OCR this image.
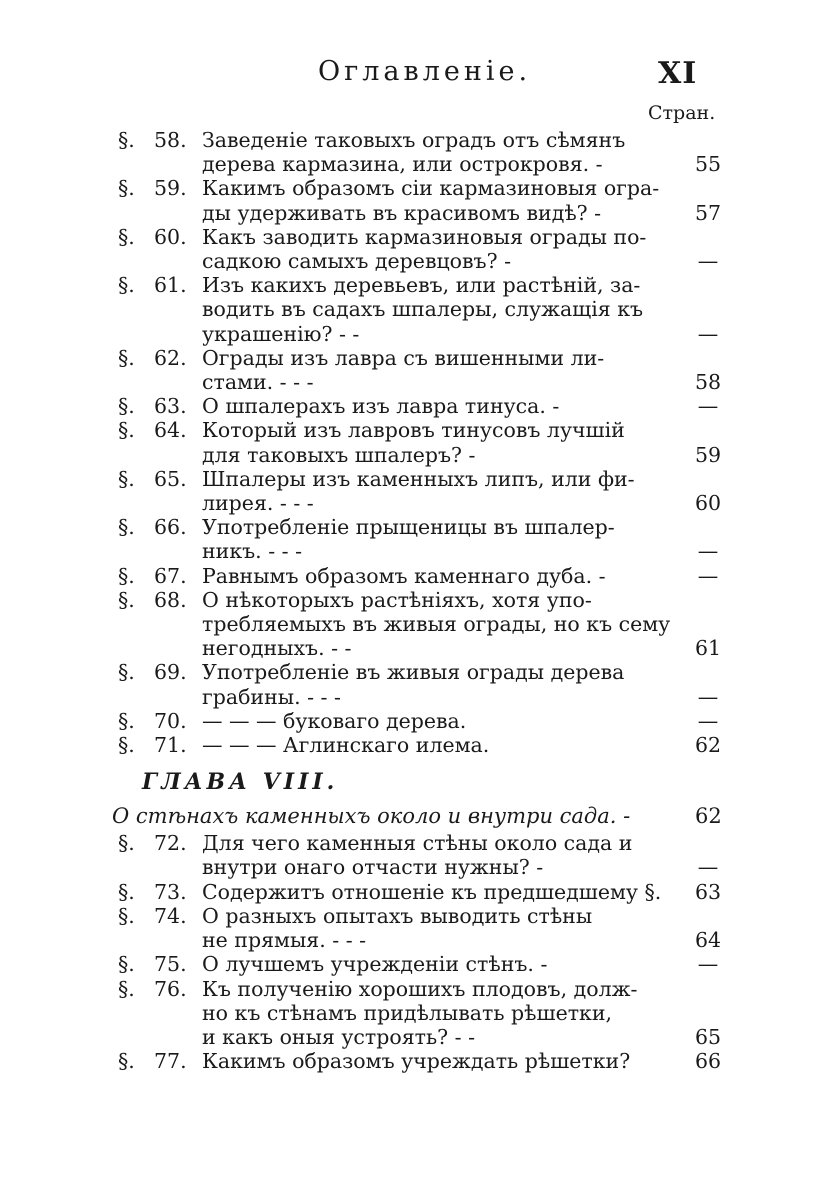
Оглавленіе.	XI
Стран.
§. 58. Заведеніе таковыхъ оградъ отъ сѣмянъ
дерева кармазина, или острокровя. -	55
§. 59. Какимъ образомъ сіи кармазиновыя огра-
ды удерживать въ красивомъ видѣ? -	57
§. 60. Какъ заводить кармазиновыя ограды по-
садкою самыхъ деревцовъ? -	—
§. 61. Изъ какихъ деревьевъ, или растѣній, за-
водить въ садахъ шпалеры, служащія къ
украшенію? - -	—
§. 62. Ограды изъ лавра съ вишенными ли-
стами. - - -	58
§. 63. О шпалерахъ изъ лавра тинуса. -	—
§. 64. Который изъ лавровъ тинусовъ лучшій
для таковыхъ шпалеръ? -	59
§. 65. Шпалеры изъ каменныхъ липъ, или фи-
лирея. - - -	60
§. 66. Употребленіе прыщеницы въ шпалер-
никъ. - - -	—
§. 67. Равнымъ образомъ каменнаго дуба. -	—
§. 68. О нѣкоторыхъ растѣніяхъ, хотя упо-
требляемыхъ въ живыя ограды, но къ сему
негодныхъ. - -	61
§. 69. Употребленіе въ живыя ограды дерева
грабины. - - -	—
§. 70. — — — буковаго дерева.	—
§. 71. — — — Аглинскаго илема.	62
ГЛАВА VIII.
О стѣнахъ каменныхъ около и внутри сада. -	62
§. 72. Для чего каменныя стѣны около сада и
внутри онаго отчасти нужны? -	—
§. 73. Содержитъ отношеніе къ предшедшему §.	63
§. 74. О разныхъ опытахъ выводить стѣны
не прямыя. - - -	64
§. 75. О лучшемъ учрежденіи стѣнъ. -	—
§. 76. Къ полученію хорошихъ плодовъ, долж-
но къ стѣнамъ придѣлывать рѣшетки,
и какъ оныя устроять? - -	65
§. 77. Какимъ образомъ учреждать рѣшетки?	66
